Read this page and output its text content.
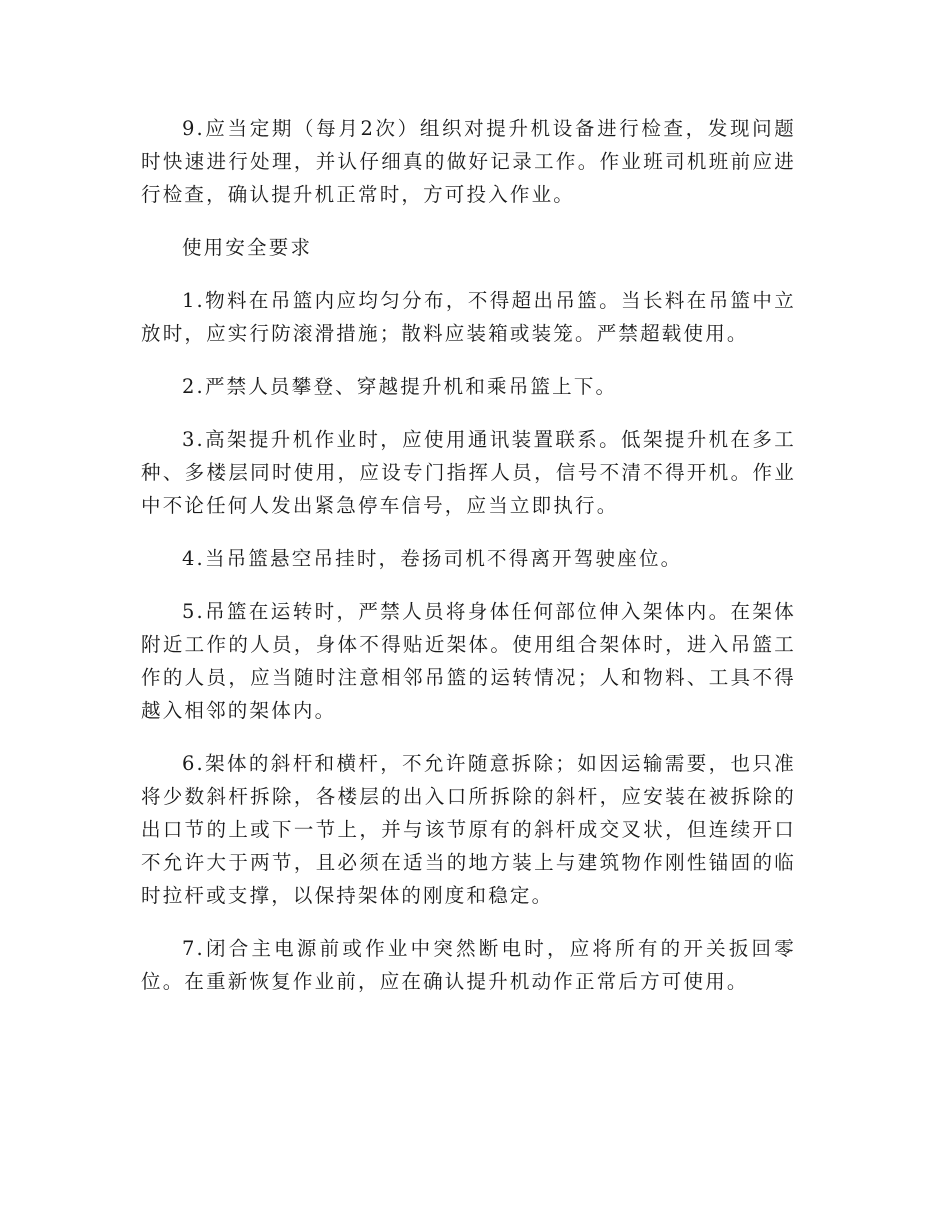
9.应当定期（每月2次）组织对提升机设备进行检查，发现问题时快速进行处理，并认仔细真的做好记录工作。作业班司机班前应进行检查，确认提升机正常时，方可投入作业。

使用安全要求

1.物料在吊篮内应均匀分布，不得超出吊篮。当长料在吊篮中立放时，应实行防滚滑措施；散料应装箱或装笼。严禁超载使用。

2.严禁人员攀登、穿越提升机和乘吊篮上下。

3.高架提升机作业时，应使用通讯装置联系。低架提升机在多工种、多楼层同时使用，应设专门指挥人员，信号不清不得开机。作业中不论任何人发出紧急停车信号，应当立即执行。

4.当吊篮悬空吊挂时，卷扬司机不得离开驾驶座位。

5.吊篮在运转时，严禁人员将身体任何部位伸入架体内。在架体附近工作的人员，身体不得贴近架体。使用组合架体时，进入吊篮工作的人员，应当随时注意相邻吊篮的运转情况；人和物料、工具不得越入相邻的架体内。

6.架体的斜杆和横杆，不允许随意拆除；如因运输需要，也只准将少数斜杆拆除，各楼层的出入口所拆除的斜杆，应安装在被拆除的出口节的上或下一节上，并与该节原有的斜杆成交叉状，但连续开口不允许大于两节，且必须在适当的地方装上与建筑物作刚性锚固的临时拉杆或支撑，以保持架体的刚度和稳定。

7.闭合主电源前或作业中突然断电时，应将所有的开关扳回零位。在重新恢复作业前，应在确认提升机动作正常后方可使用。
